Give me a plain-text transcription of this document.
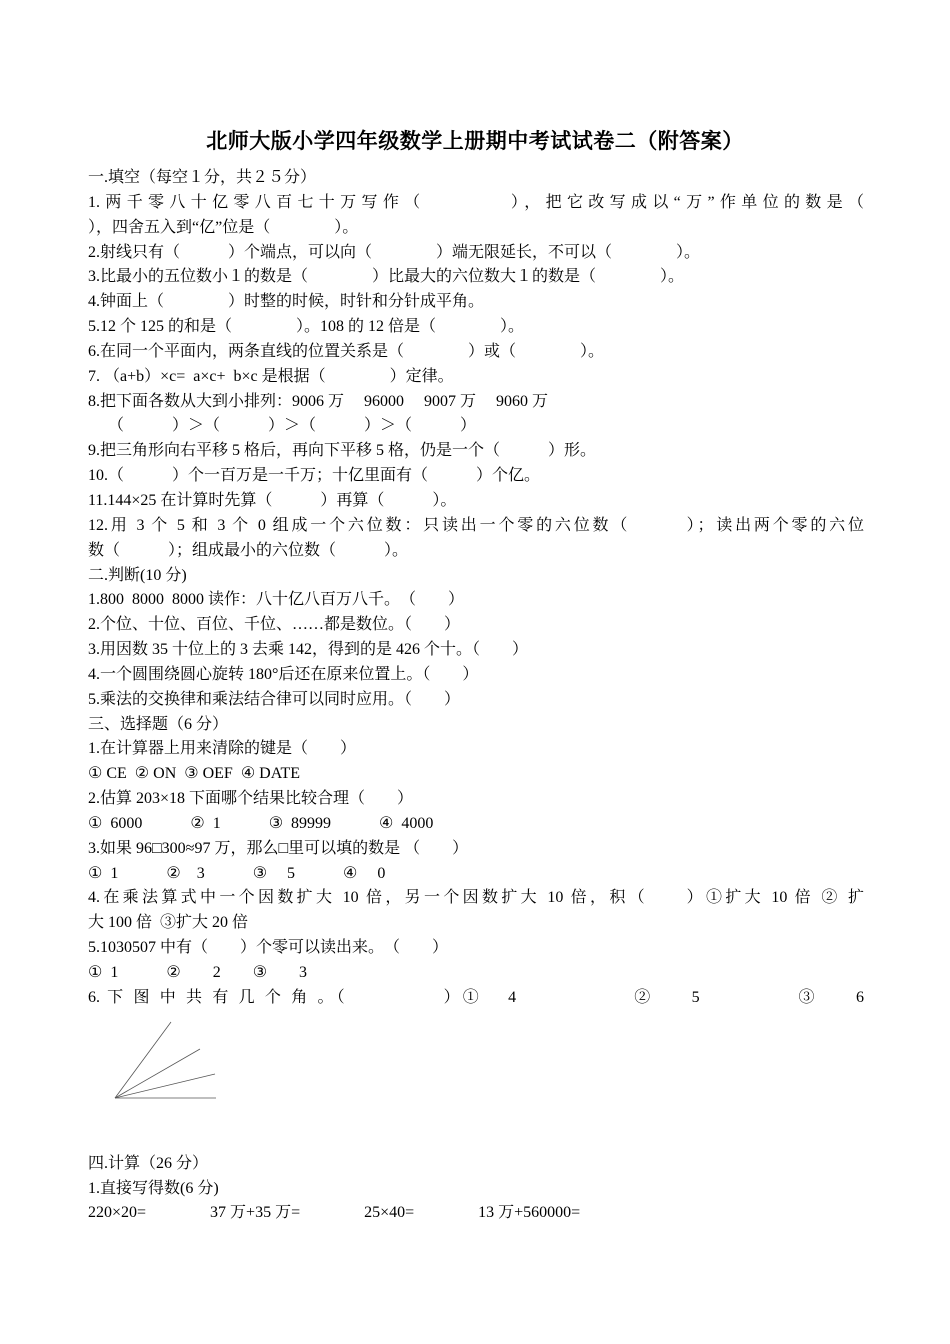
北师大版小学四年级数学上册期中考试试卷二（附答案）
一.填空（每空１分，共２５分）
1.两千零八十亿零八百七十万写作（　　　　），把它改写成以“万”作单位的数是（
），四舍五入到“亿”位是（　　　　）。
2.射线只有（　　　）个端点，可以向（　　　　）端无限延长，不可以（　　　　）。
3.比最小的五位数小１的数是（　　　　）比最大的六位数大１的数是（　　　　）。
4.钟面上（　　　　）时整的时候，时针和分针成平角。
5.12 个 125 的和是（　　　　）。108 的 12 倍是（　　　　）。
6.在同一个平面内，两条直线的位置关系是（　　　　）或（　　　　）。
7. （a+b）×c=  a×c+  b×c 是根据（　　　　）定律。
8.把下面各数从大到小排列：9006 万　 96000　 9007 万　 9060 万
　 （　　　）＞（　　　）＞（　　　）＞（　　　）
9.把三角形向右平移 5 格后，再向下平移 5 格，仍是一个（　　　）形。
10.（　　　）个一百万是一千万；十亿里面有（　　　）个亿。
11.144×25 在计算时先算（　　　）再算（　　　）。
12.用 3 个 5 和 3 个 0 组成一个六位数：只读出一个零的六位数（　　　）；读出两个零的六位
数（　　　）；组成最小的六位数（　　　）。
二.判断(10 分)
1.800  8000  8000 读作：八十亿八百万八千。　（　　）
2.个位、十位、百位、千位、……都是数位。（　　）
3.用因数 35 十位上的 3 去乘 142，得到的是 426 个十。（　　）
4.一个圆围绕圆心旋转 180°后还在原来位置上。（　　）
5.乘法的交换律和乘法结合律可以同时应用。（　　）
三、选择题（6 分）
1.在计算器上用来清除的键是（　　）
① CE  ② ON  ③ OEF  ④ DATE
2.估算 203×18 下面哪个结果比较合理（　　）
①  6000　　　②  1　　　③  89999　　　④  4000
3.如果 96□300≈97 万，那么□里可以填的数是 （　　）
①  1　　　②　3　　　③　 5　　　④　 0
4.在乘法算式中一个因数扩大 10 倍，另一个因数扩大 10 倍，积（　　）①扩大 10 倍 ② 扩
大 100 倍  ③扩大 20 倍
5.1030507 中有（　　）个零可以读出来。　（　　）
①  1　　　②　　2　　③　　3
6. 下 图 中 共 有 几 个 角 。（　　　　　）①　 4　　　　　　②　　5　　　　　③　　6
四.计算（26 分）
1.直接写得数(6 分)
220×20=　　　　37 万+35 万=　　　　25×40=　　　　13 万+560000=
